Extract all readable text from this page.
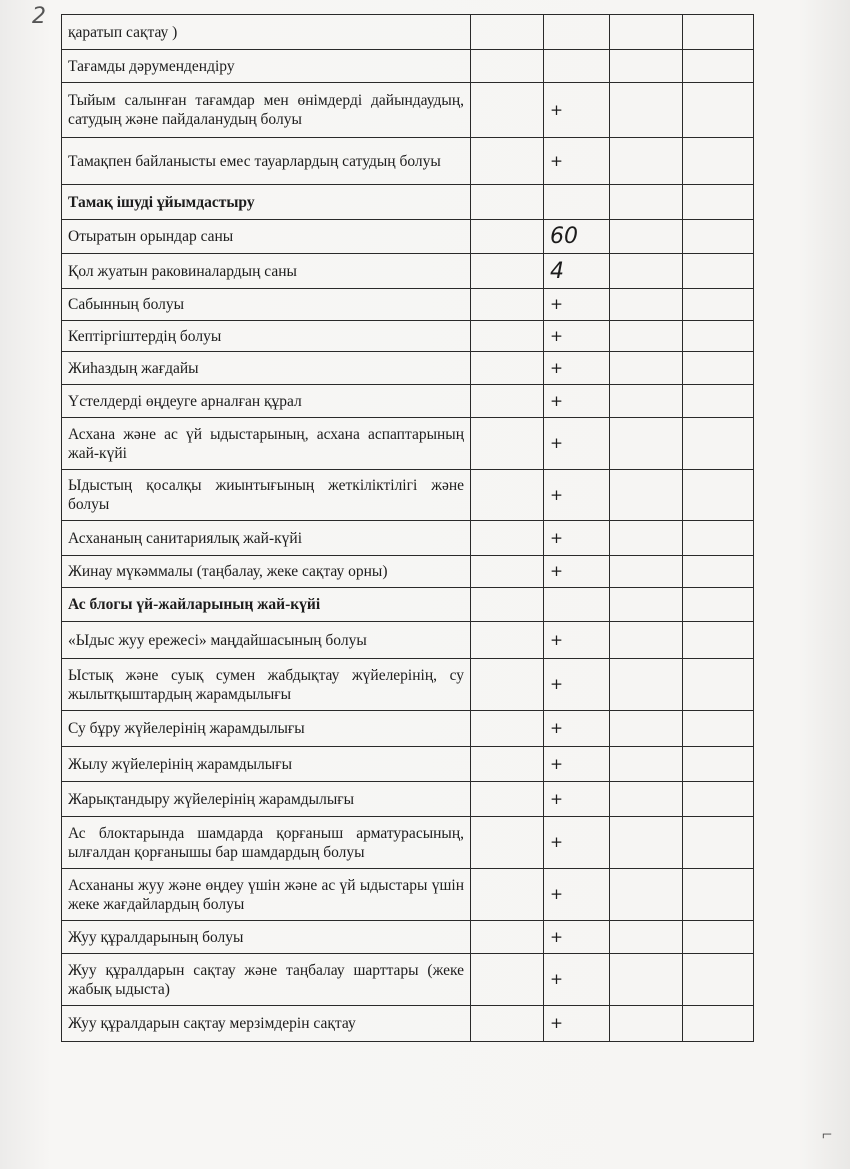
2
қаратып сақтау )				
Тағамды дәрумендендіру				
Тыйым салынған тағамдар мен өнімдерді дайындаудың, сатудың және пайдаланудың болуы		+		
Тамақпен байланысты емес тауарлардың сатудың болуы		+		
Тамақ ішуді ұйымдастыру				
Отыратын орындар саны		60		
Қол жуатын раковиналардың саны		4		
Сабынның болуы		+		
Кептіргіштердің болуы		+		
Жиһаздың жағдайы		+		
Үстелдерді өңдеуге арналған құрал		+		
Асхана және ас үй ыдыстарының, асхана аспаптарының жай-күйі		+		
Ыдыстың қосалқы жиынтығының жеткіліктілігі және болуы		+		
Асхананың санитариялық жай-күйі		+		
Жинау мүкәммалы (таңбалау, жеке сақтау орны)		+		
Ас блогы үй-жайларының жай-күйі				
«Ыдыс жуу ережесі» маңдайшасының болуы		+		
Ыстық және суық сумен жабдықтау жүйелерінің, су жылытқыштардың жарамдылығы		+		
Су бұру жүйелерінің жарамдылығы		+		
Жылу жүйелерінің жарамдылығы		+		
Жарықтандыру жүйелерінің жарамдылығы		+		
Ас блоктарында шамдарда қорғаныш арматурасының, ылғалдан қорғанышы бар шамдардың болуы		+		
Асхананы жуу және өңдеу үшін және ас үй ыдыстары үшін жеке жағдайлардың болуы		+		
Жуу құралдарының болуы		+		
Жуу құралдарын сақтау және таңбалау шарттары (жеке жабық ыдыста)		+		
Жуу құралдарын сақтау мерзімдерін сақтау		+		
⌐
